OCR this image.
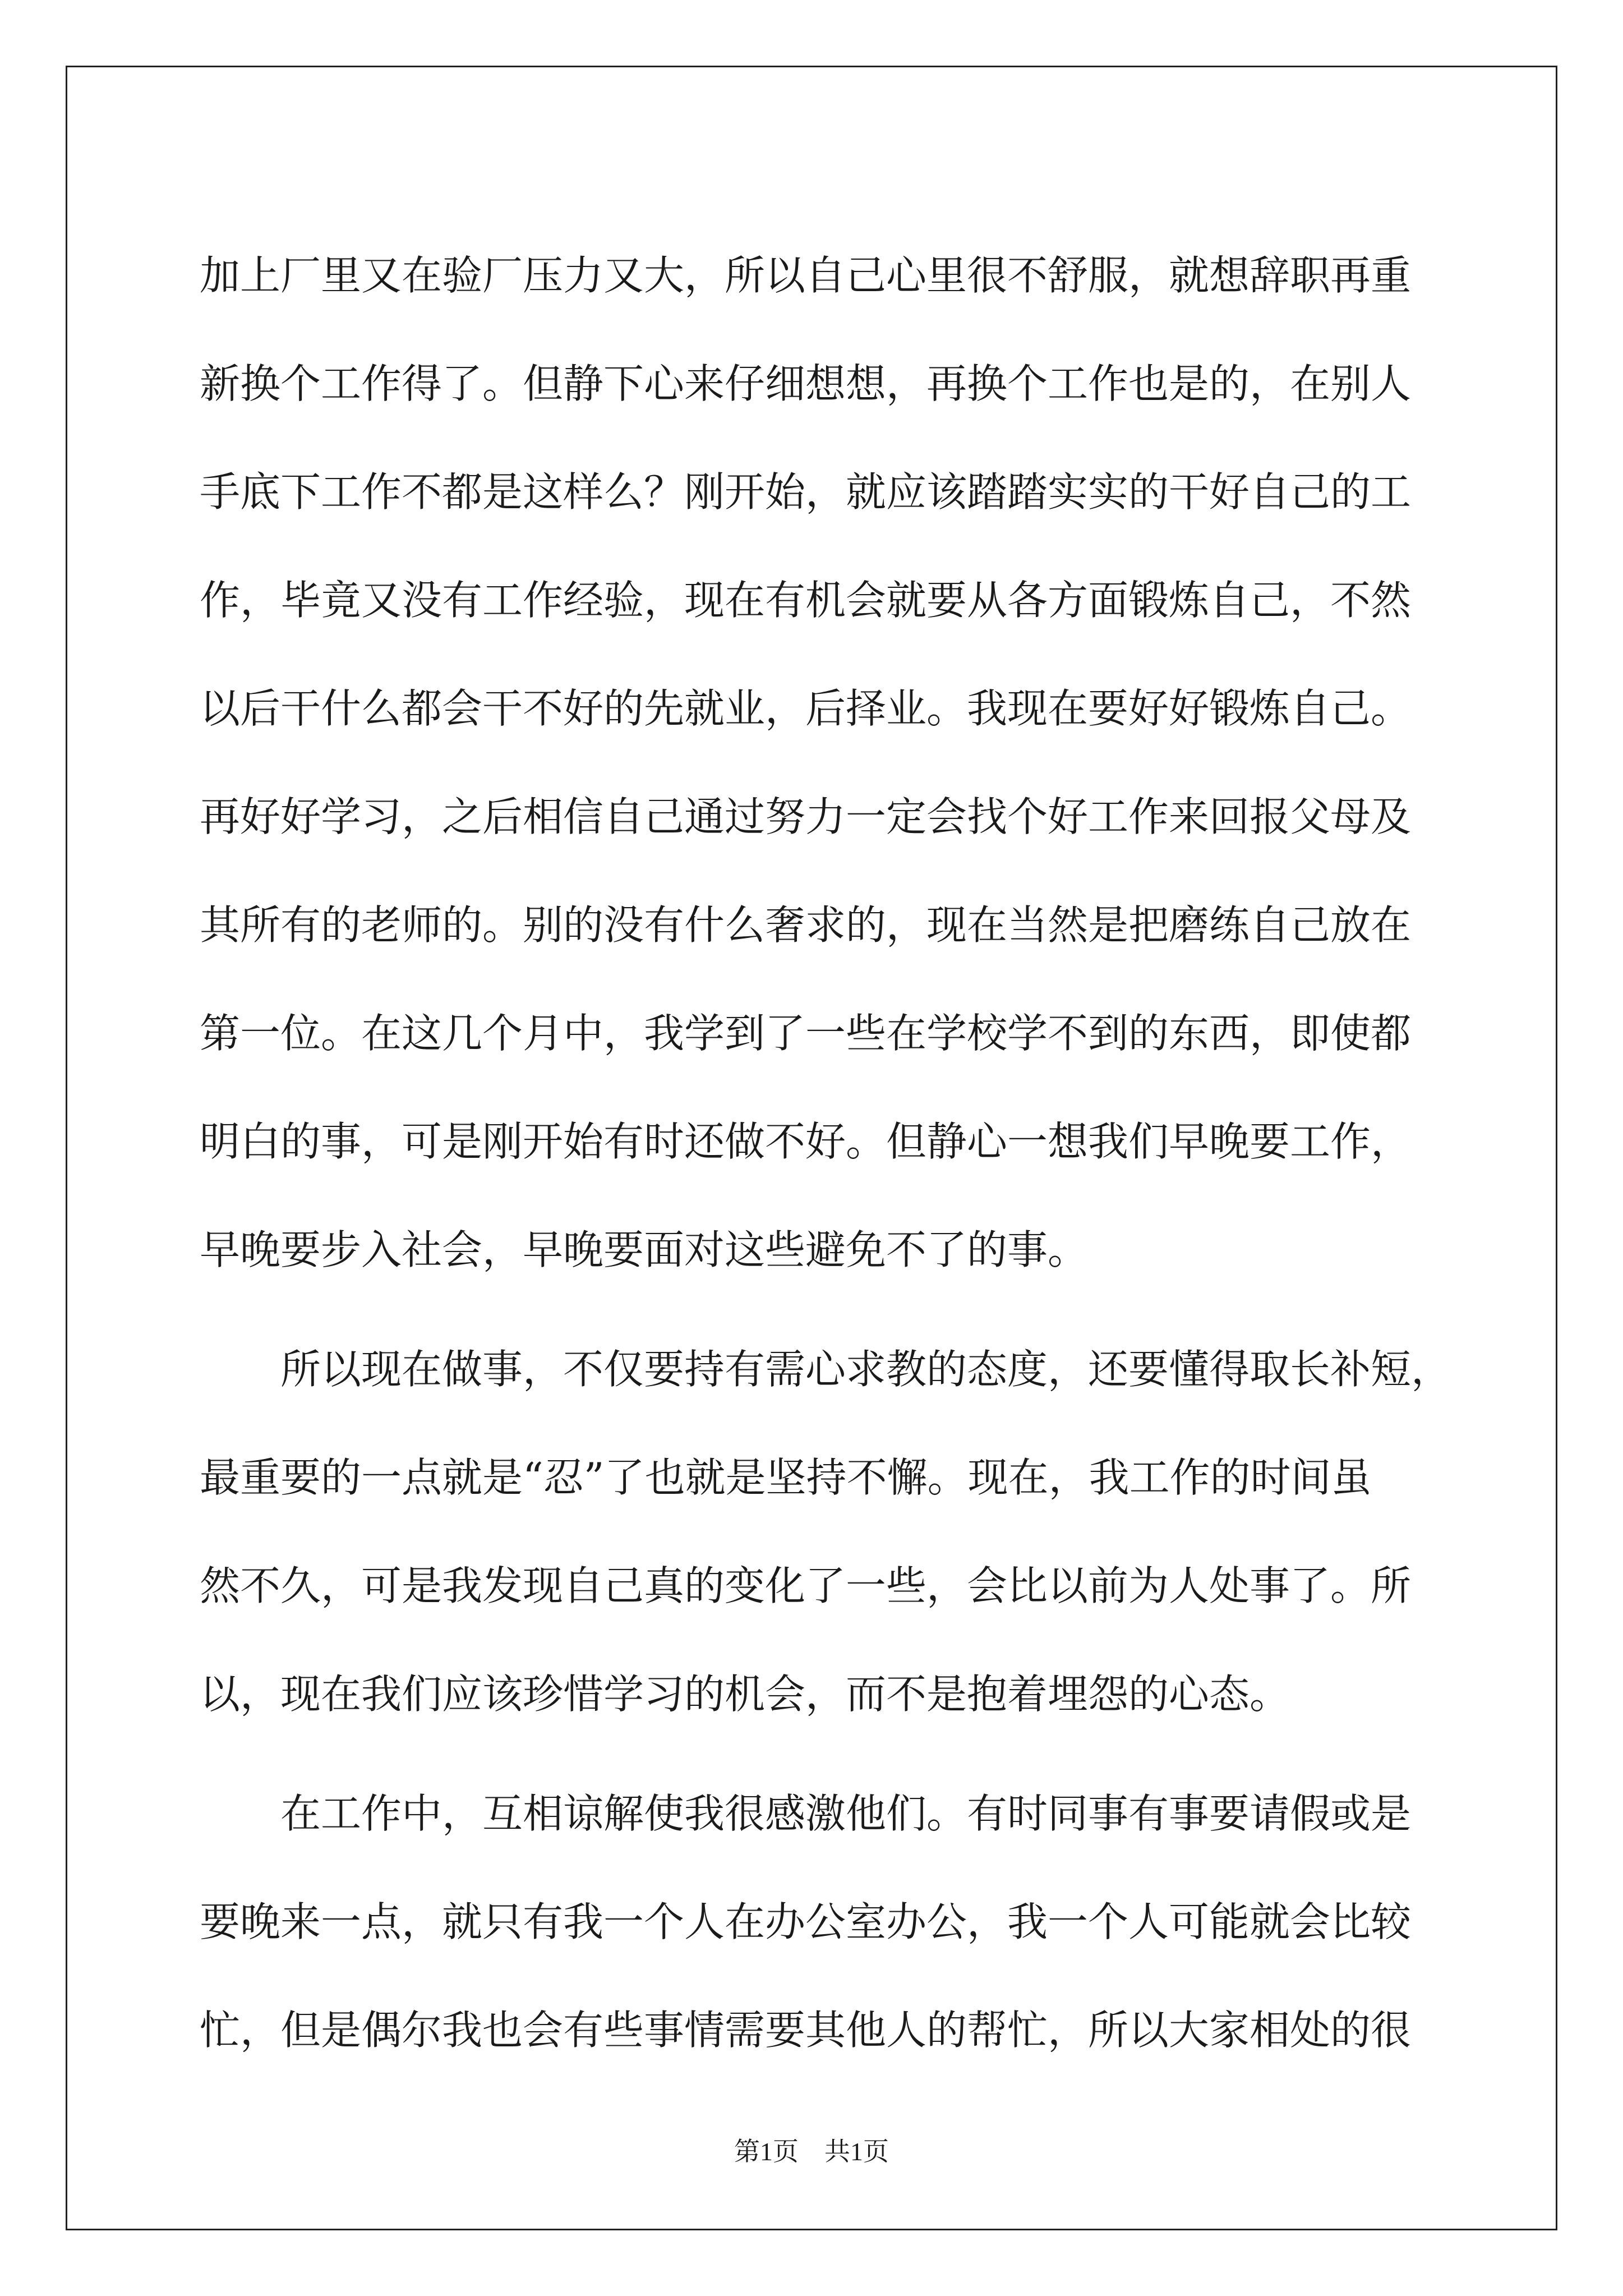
加上厂里又在验厂压力又大，所以自己心里很不舒服，就想辞职再重
新换个工作得了。但静下心来仔细想想，再换个工作也是的，在别人
手底下工作不都是这样么？刚开始，就应该踏踏实实的干好自己的工
作，毕竟又没有工作经验，现在有机会就要从各方面锻炼自己，不然
以后干什么都会干不好的先就业，后择业。我现在要好好锻炼自己。
再好好学习，之后相信自己通过努力一定会找个好工作来回报父母及
其所有的老师的。别的没有什么奢求的，现在当然是把磨练自己放在
第一位。在这几个月中，我学到了一些在学校学不到的东西，即使都
明白的事，可是刚开始有时还做不好。但静心一想我们早晚要工作，
早晚要步入社会，早晚要面对这些避免不了的事。
所以现在做事，不仅要持有需心求教的态度，还要懂得取长补短，
最重要的一点就是“忍”了也就是坚持不懈。现在，我工作的时间虽
然不久，可是我发现自己真的变化了一些，会比以前为人处事了。所
以，现在我们应该珍惜学习的机会，而不是抱着埋怨的心态。
在工作中，互相谅解使我很感激他们。有时同事有事要请假或是
要晚来一点，就只有我一个人在办公室办公，我一个人可能就会比较
忙，但是偶尔我也会有些事情需要其他人的帮忙，所以大家相处的很
第1页　共1页
